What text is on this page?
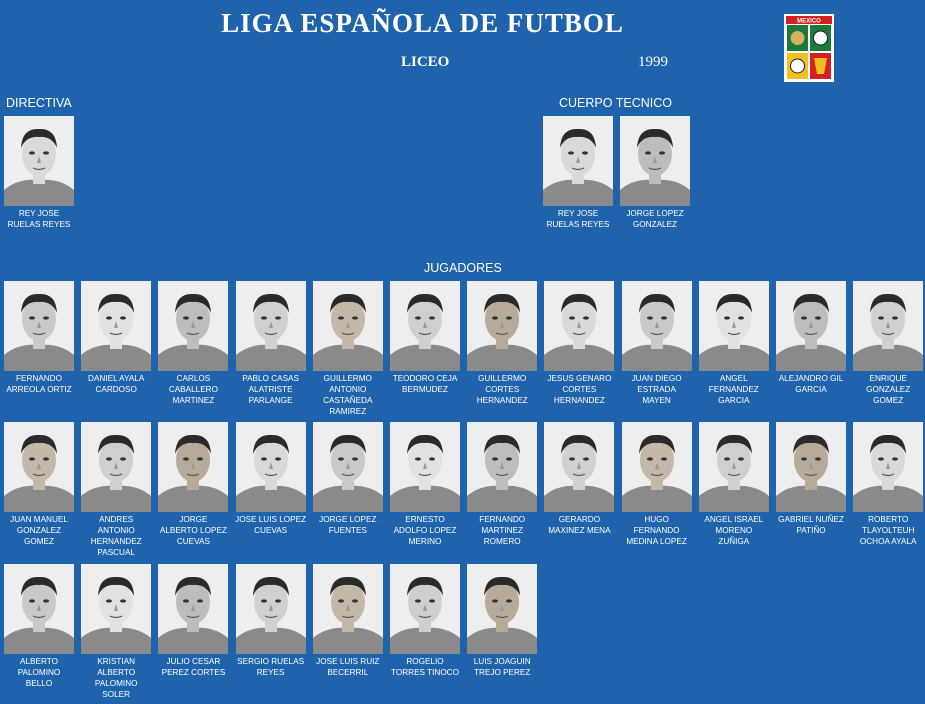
LIGA ESPAÑOLA DE FUTBOL
LICEO	1999
MEXICO
DIRECTIVA	CUERPO TECNICO
JUGADORES
REY JOSE
RUELAS REYES
REY JOSE
RUELAS REYES
JORGE LOPEZ
GONZALEZ
FERNANDO
ARREOLA ORTIZ
DANIEL AYALA
CARDOSO
CARLOS
CABALLERO
MARTINEZ
PABLO CASAS
ALATRISTE
PARLANGE
GUILLERMO
ANTONIO
CASTAÑEDA
RAMIREZ
TEODORO CEJA
BERMUDEZ
GUILLERMO
CORTES
HERNANDEZ
JESUS GENARO
CORTES
HERNANDEZ
JUAN DIEGO
ESTRADA
MAYEN
ANGEL
FERNANDEZ
GARCIA
ALEJANDRO GIL
GARCIA
ENRIQUE
GONZALEZ
GOMEZ
JUAN MANUEL
GONZALEZ
GOMEZ
ANDRES
ANTONIO
HERNANDEZ
PASCUAL
JORGE
ALBERTO LOPEZ
CUEVAS
JOSE LUIS LOPEZ
CUEVAS
JORGE LOPEZ
FUENTES
ERNESTO
ADOLFO LOPEZ
MERINO
FERNANDO
MARTINEZ
ROMERO
GERARDO
MAXINEZ MENA
HUGO
FERNANDO
MEDINA LOPEZ
ANGEL ISRAEL
MORENO
ZUÑIGA
GABRIEL NUÑEZ
PATIÑO
ROBERTO
TLAYOLTEUH
OCHOA AYALA
ALBERTO
PALOMINO
BELLO
KRISTIAN
ALBERTO
PALOMINO
SOLER
JULIO CESAR
PEREZ CORTES
SERGIO RUELAS
REYES
JOSE LUIS RUIZ
BECERRIL
ROGELIO
TORRES TINOCO
LUIS JOAGUIN
TREJO PEREZ
